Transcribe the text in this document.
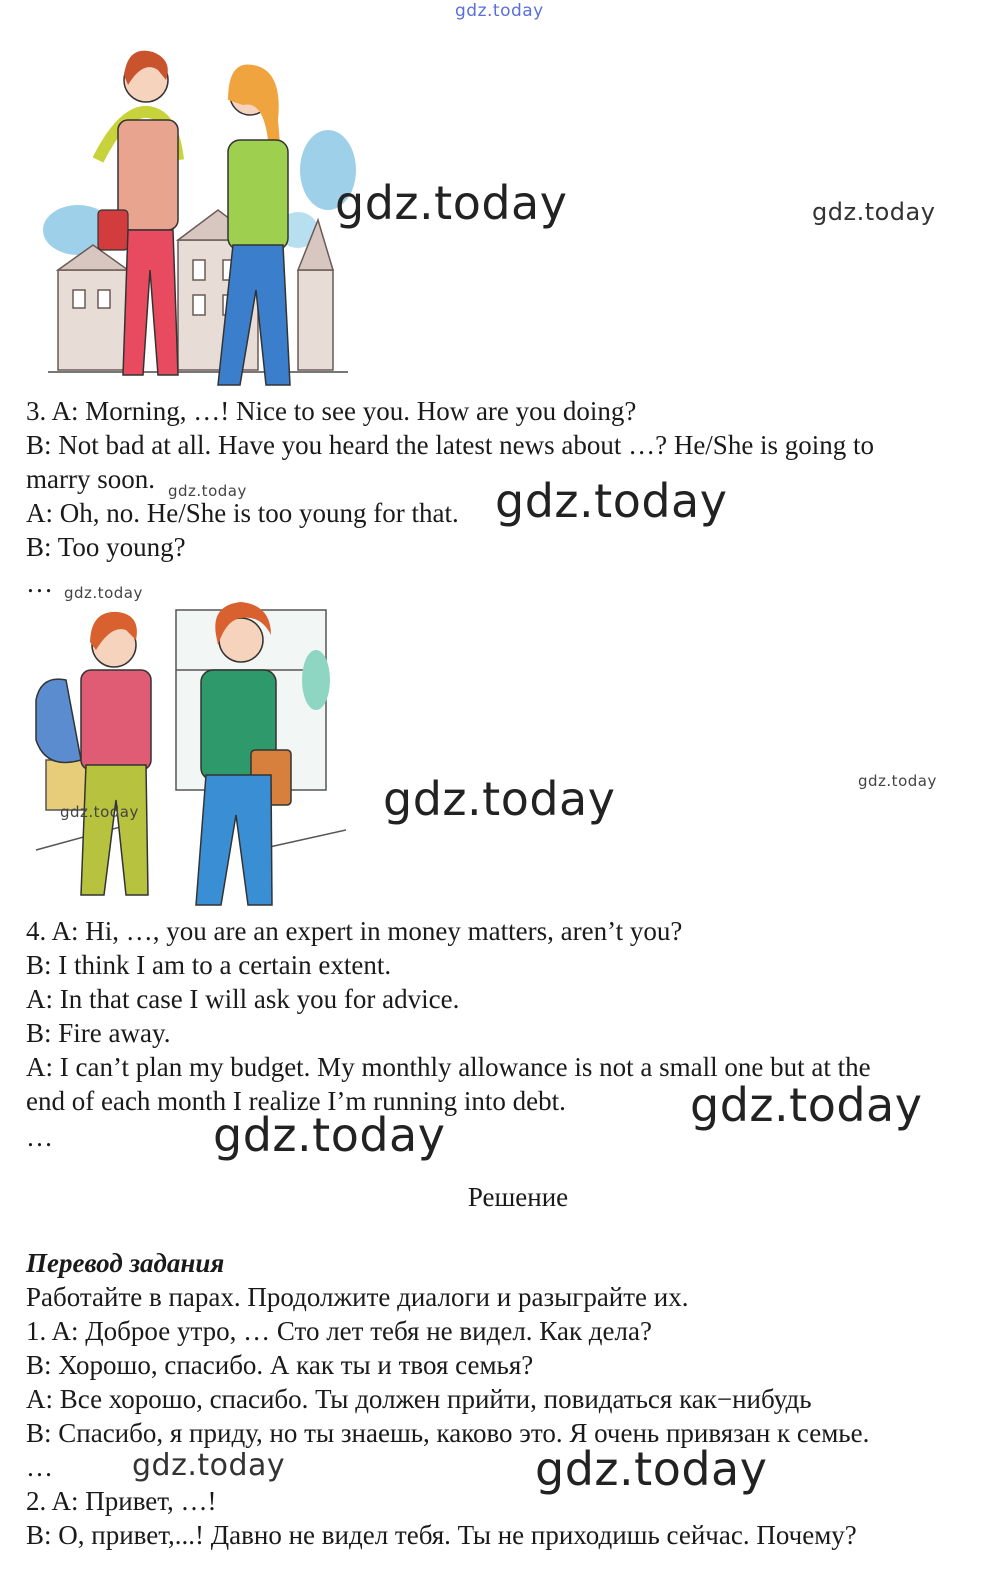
gdz.today
gdz.today	gdz.today
3. A: Morning, …! Nice to see you. How are you doing?
B: Not bad at all. Have you heard the latest news about …? He/She is going to
marry soon. gdz.today
A: Oh, no. He/She is too young for that. gdz.today
B: Too young?
… gdz.today
gdz.today	gdz.today	gdz.today
4. A: Hi, …, you are an expert in money matters, aren’t you?
B: I think I am to a certain extent.
A: In that case I will ask you for advice.
B: Fire away.
A: I can’t plan my budget. My monthly allowance is not a small one but at the
end of each month I realize I’m running into debt.	gdz.today
…	gdz.today
Решение
Перевод задания
Работайте в парах. Продолжите диалоги и разыграйте их.
1. A: Доброе утро, … Сто лет тебя не видел. Как дела?
B: Хорошо, спасибо. А как ты и твоя семья?
A: Все хорошо, спасибо. Ты должен прийти, повидаться как−нибудь
B: Спасибо, я приду, но ты знаешь, каково это. Я очень привязан к семье.
…	gdz.today	gdz.today
2. A: Привет, …!
B: О, привет,...! Давно не видел тебя. Ты не приходишь сейчас. Почему?
